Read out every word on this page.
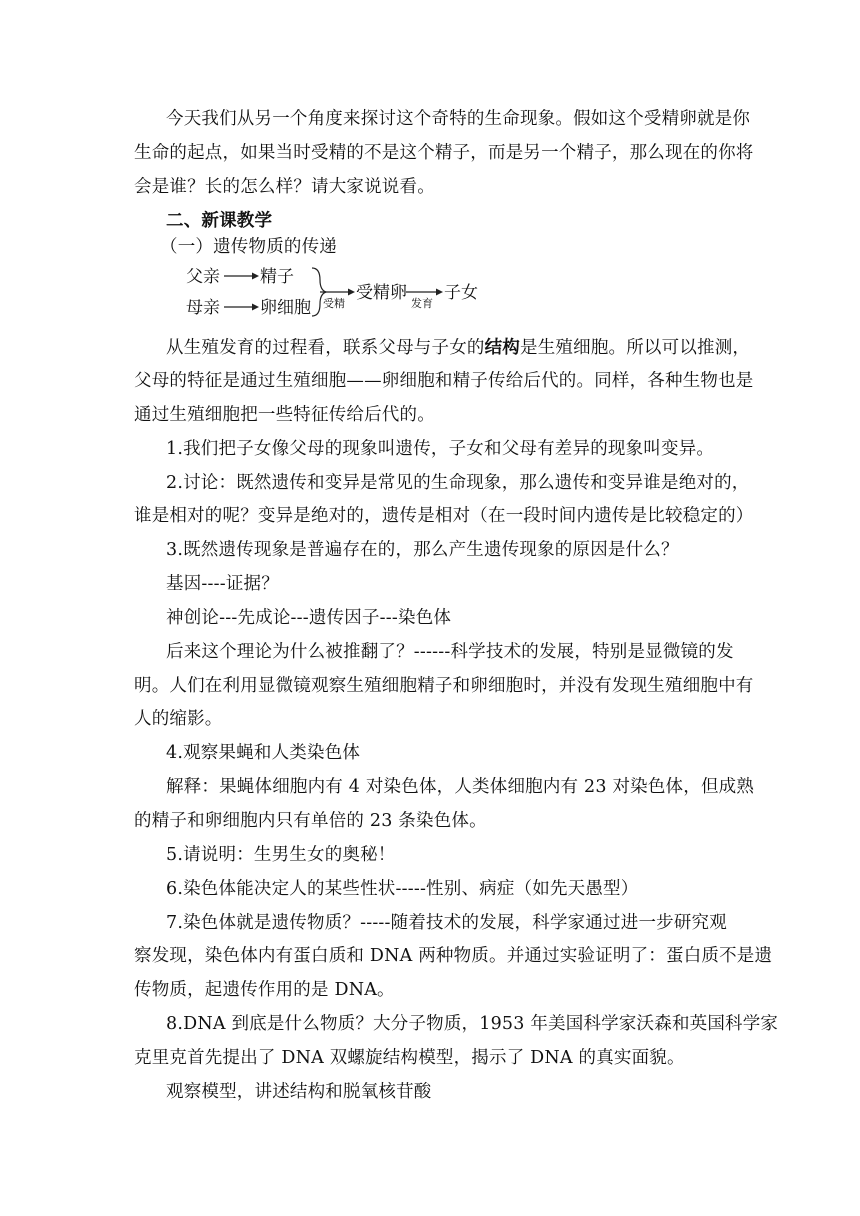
今天我们从另一个角度来探讨这个奇特的生命现象。假如这个受精卵就是你
生命的起点，如果当时受精的不是这个精子，而是另一个精子，那么现在的你将
会是谁？长的怎么样？请大家说说看。
二、新课教学
（一）遗传物质的传递
父亲 精子
母亲 卵细胞 受精
受精卵
发育
子女
从生殖发育的过程看，联系父母与子女的结构是生殖细胞。所以可以推测，
父母的特征是通过生殖细胞——卵细胞和精子传给后代的。同样，各种生物也是
通过生殖细胞把一些特征传给后代的。
1.我们把子女像父母的现象叫遗传，子女和父母有差异的现象叫变异。
2.讨论：既然遗传和变异是常见的生命现象，那么遗传和变异谁是绝对的，
谁是相对的呢？变异是绝对的，遗传是相对（在一段时间内遗传是比较稳定的）
3.既然遗传现象是普遍存在的，那么产生遗传现象的原因是什么？
基因----证据？
神创论---先成论---遗传因子---染色体
后来这个理论为什么被推翻了？------科学技术的发展，特别是显微镜的发
明。人们在利用显微镜观察生殖细胞精子和卵细胞时，并没有发现生殖细胞中有
人的缩影。
4.观察果蝇和人类染色体
解释：果蝇体细胞内有 4 对染色体，人类体细胞内有 23 对染色体，但成熟
的精子和卵细胞内只有单倍的 23 条染色体。
5.请说明：生男生女的奥秘！
6.染色体能决定人的某些性状-----性别、病症（如先天愚型）
7.染色体就是遗传物质？-----随着技术的发展，科学家通过进一步研究观
察发现，染色体内有蛋白质和 DNA 两种物质。并通过实验证明了：蛋白质不是遗
传物质，起遗传作用的是 DNA。
8.DNA 到底是什么物质？大分子物质，1953 年美国科学家沃森和英国科学家
克里克首先提出了 DNA 双螺旋结构模型，揭示了 DNA 的真实面貌。
观察模型，讲述结构和脱氧核苷酸
